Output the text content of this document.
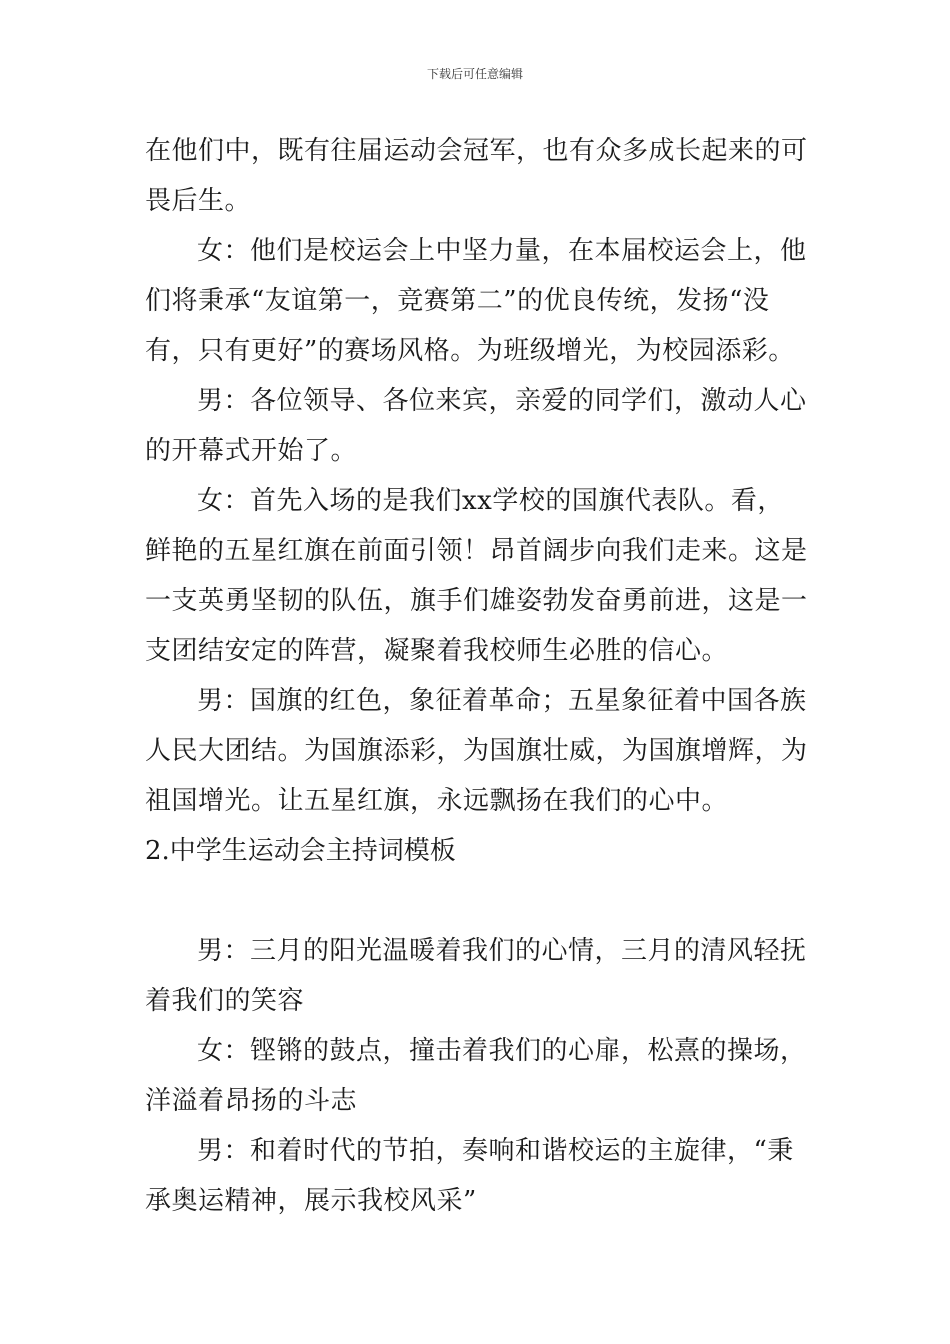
下载后可任意编辑

在他们中，既有往届运动会冠军，也有众多成长起来的可畏后生。

女：他们是校运会上中坚力量，在本届校运会上，他们将秉承“友谊第一，竞赛第二”的优良传统，发扬“没有，只有更好”的赛场风格。为班级增光，为校园添彩。

男：各位领导、各位来宾，亲爱的同学们，激动人心的开幕式开始了。

女：首先入场的是我们xx学校的国旗代表队。看，鲜艳的五星红旗在前面引领！昂首阔步向我们走来。这是一支英勇坚韧的队伍，旗手们雄姿勃发奋勇前进，这是一支团结安定的阵营，凝聚着我校师生必胜的信心。

男：国旗的红色，象征着革命；五星象征着中国各族人民大团结。为国旗添彩，为国旗壮威，为国旗增辉，为祖国增光。让五星红旗，永远飘扬在我们的心中。

2.中学生运动会主持词模板

男：三月的阳光温暖着我们的心情，三月的清风轻抚着我们的笑容

女：铿锵的鼓点，撞击着我们的心扉，松熹的操场，洋溢着昂扬的斗志

男：和着时代的节拍，奏响和谐校运的主旋律，“秉承奥运精神，展示我校风采”
